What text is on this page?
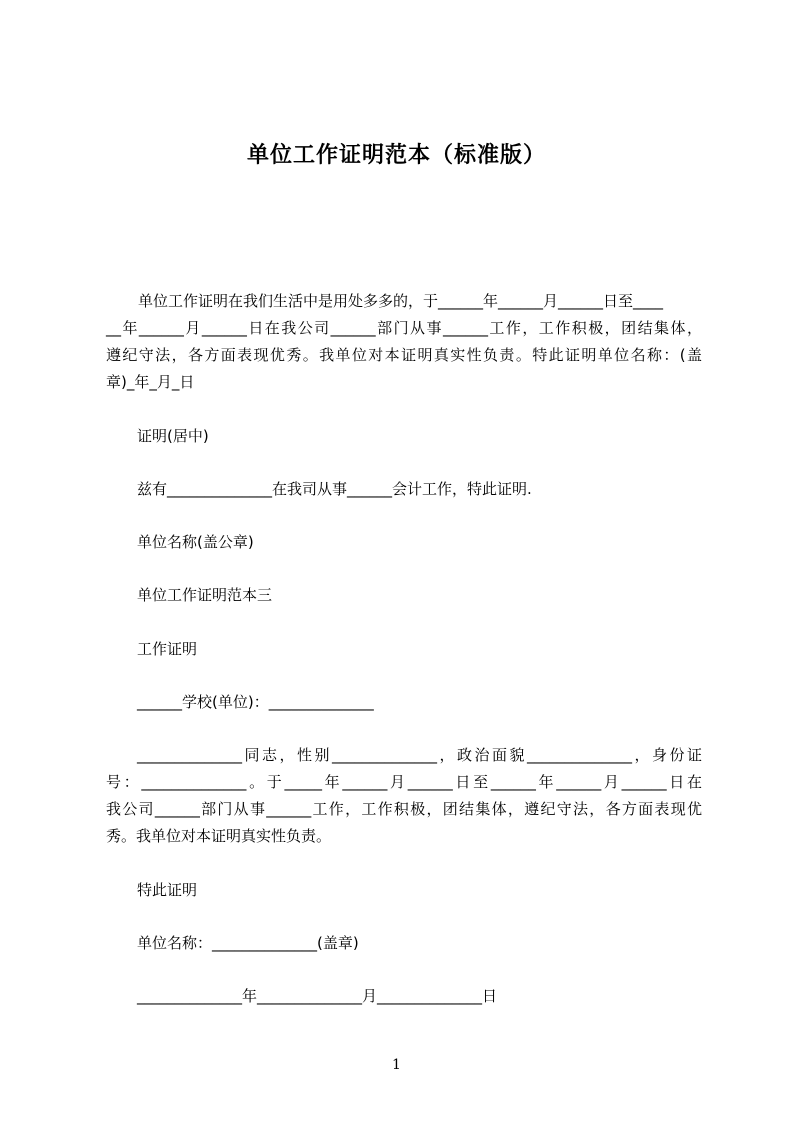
单位工作证明范本（标准版）
单位工作证明在我们生活中是用处多多的，于______年______月______日至____
__年______月______日在我公司______部门从事______工作，工作积极，团结集体，
遵纪守法，各方面表现优秀。我单位对本证明真实性负责。特此证明单位名称：(盖
章)_年_月_日
证明(居中)
兹有______________在我司从事______会计工作，特此证明.
单位名称(盖公章)
单位工作证明范本三
工作证明
______学校(单位)：______________
______________同志，性别______________，政治面貌______________，身份证
号：______________。于_____年______月______日至______年______月______日在
我公司______部门从事______工作，工作积极，团结集体，遵纪守法，各方面表现优
秀。我单位对本证明真实性负责。
特此证明
单位名称：______________(盖章)
______________年______________月______________日
1
